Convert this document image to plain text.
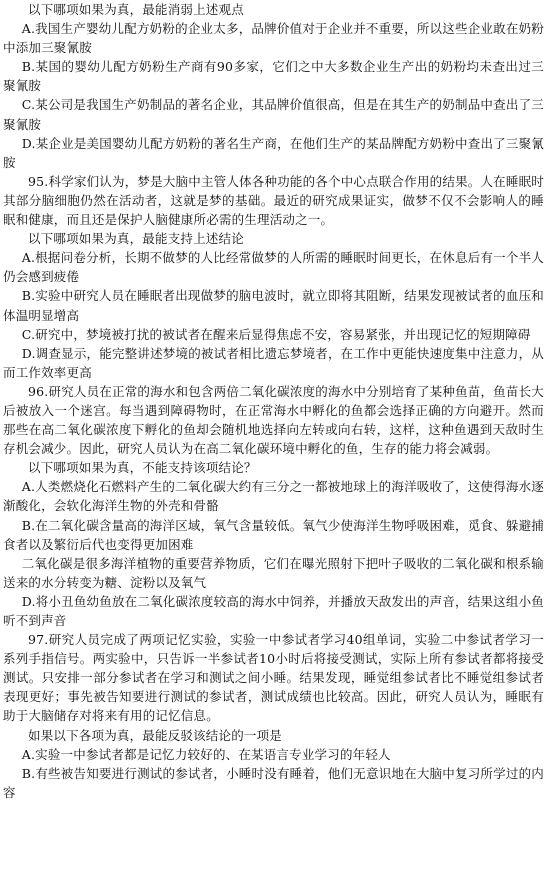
以下哪项如果为真，最能消弱上述观点

A.我国生产婴幼儿配方奶粉的企业太多，品牌价值对于企业并不重要，所以这些企业敢在奶粉中添加三聚氰胺

B.某国的婴幼儿配方奶粉生产商有90多家，它们之中大多数企业生产出的奶粉均未查出过三聚氰胺

C.某公司是我国生产奶制品的著名企业，其品牌价值很高，但是在其生产的奶制品中查出了三聚氰胺

D.某企业是美国婴幼儿配方奶粉的著名生产商，在他们生产的某品牌配方奶粉中查出了三聚氰胺

95.科学家们认为，梦是大脑中主管人体各种功能的各个中心点联合作用的结果。人在睡眠时其部分脑细胞仍然在活动者，这就是梦的基础。最近的研究成果证实，做梦不仅不会影响人的睡眠和健康，而且还是保护人脑健康所必需的生理活动之一。

以下哪项如果为真，最能支持上述结论

A.根据问卷分析，长期不做梦的人比经常做梦的人所需的睡眠时间更长，在休息后有一个半人仍会感到疲倦

B.实验中研究人员在睡眠者出现做梦的脑电波时，就立即将其阻断，结果发现被试者的血压和体温明显增高

C.研究中，梦境被打扰的被试者在醒来后显得焦虑不安，容易紧张，并出现记忆的短期障碍

D.调查显示，能完整讲述梦境的被试者相比遗忘梦境者，在工作中更能快速度集中注意力，从而工作效率更高

96.研究人员在正常的海水和包含两倍二氧化碳浓度的海水中分别培育了某种鱼苗，鱼苗长大后被放入一个迷宫。每当遇到障碍物时，在正常海水中孵化的鱼都会选择正确的方向避开。然而那些在高二氧化碳浓度下孵化的鱼却会随机地选择向左转或向右转，这样，这种鱼遇到天敌时生存机会减少。因此，研究人员认为在高二氧化碳环境中孵化的鱼，生存的能力将会减弱。

以下哪项如果为真，不能支持该项结论？

A.人类燃烧化石燃料产生的二氧化碳大约有三分之一都被地球上的海洋吸收了，这使得海水逐渐酸化，会软化海洋生物的外壳和骨骼

B.在二氧化碳含量高的海洋区域，氧气含量较低。氧气少使海洋生物呼吸困难，觅食、躲避捕食者以及繁衍后代也变得更加困难

二氧化碳是很多海洋植物的重要营养物质，它们在曝光照射下把叶子吸收的二氧化碳和根系输送来的水分转变为糖、淀粉以及氧气

D.将小丑鱼幼鱼放在二氧化碳浓度较高的海水中饲养，并播放天敌发出的声音，结果这组小鱼听不到声音

97.研究人员完成了两项记忆实验，实验一中参试者学习40组单词，实验二中参试者学习一系列手指信号。两实验中，只告诉一半参试者10小时后将接受测试，实际上所有参试者都将接受测试。只安排一部分参试者在学习和测试之间小睡。结果发现，睡觉组参试者比不睡觉组参试者表现更好；事先被告知要进行测试的参试者，测试成绩也比较高。因此，研究人员认为，睡眠有助于大脑储存对将来有用的记忆信息。

如果以下各项为真，最能反驳该结论的一项是

A.实验一中参试者都是记忆力较好的、在某语言专业学习的年轻人

B.有些被告知要进行测试的参试者，小睡时没有睡着，他们无意识地在大脑中复习所学过的内容
